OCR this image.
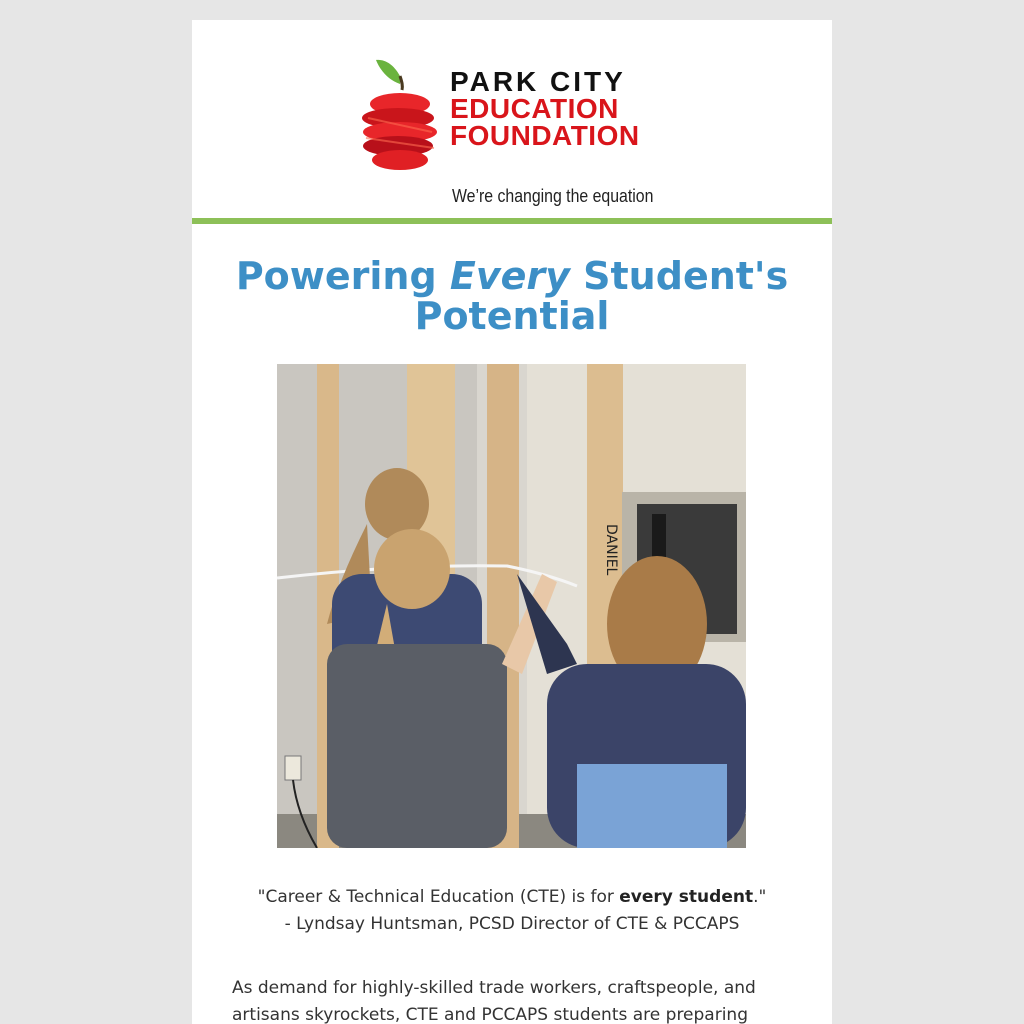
PARK CITY
EDUCATION
FOUNDATION
We’re changing the equation
Powering Every Student's Potential
DANIEL
"Career & Technical Education (CTE) is for every student."
- Lyndsay Huntsman, PCSD Director of CTE & PCCAPS
As demand for highly-skilled trade workers, craftspeople, and artisans skyrockets, CTE and PCCAPS students are preparing
